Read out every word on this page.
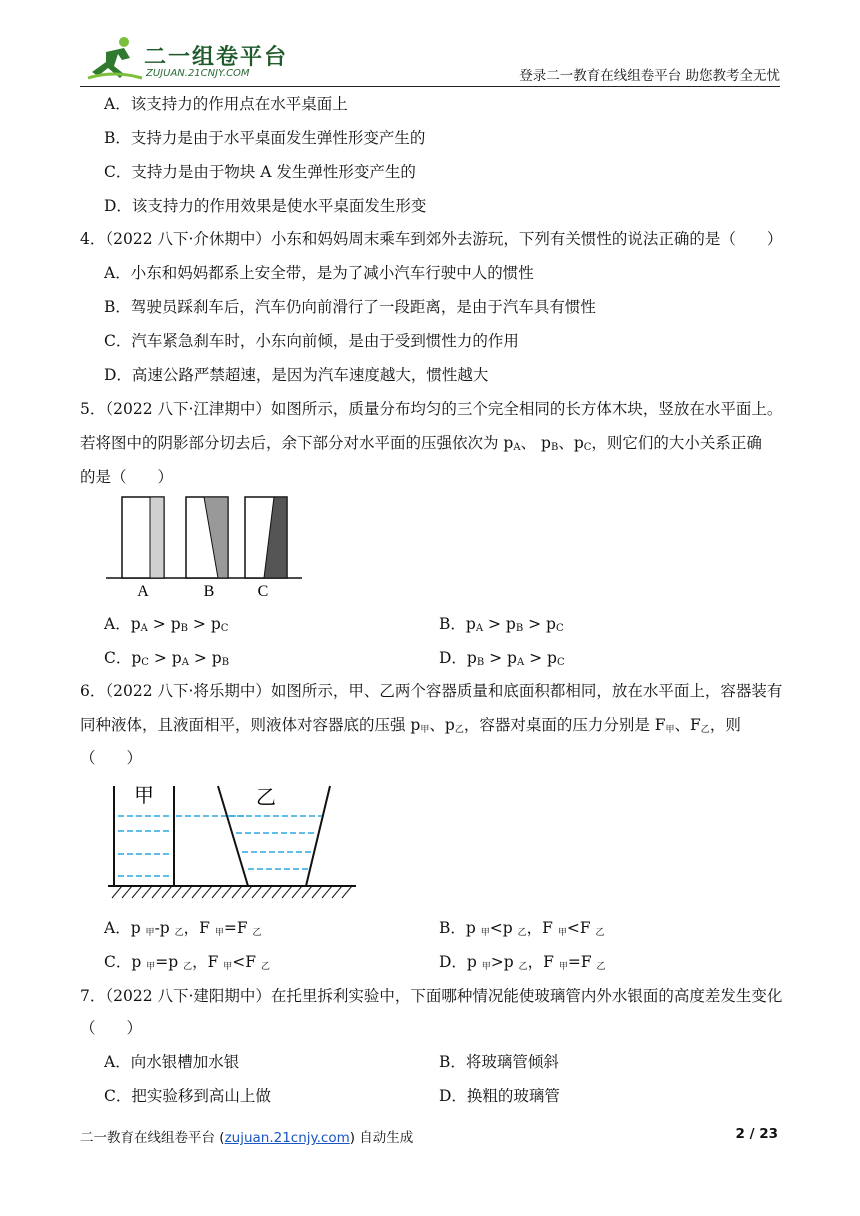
二一组卷平台
ZUJUAN.21CNJY.COM	登录二一教育在线组卷平台 助您教考全无忧
A．该支持力的作用点在水平桌面上
B．支持力是由于水平桌面发生弹性形变产生的
C．支持力是由于物块 A 发生弹性形变产生的
D．该支持力的作用效果是使水平桌面发生形变
4．（2022 八下·介休期中）小东和妈妈周末乘车到郊外去游玩，下列有关惯性的说法正确的是（　　）
A．小东和妈妈都系上安全带，是为了减小汽车行驶中人的惯性
B．驾驶员踩刹车后，汽车仍向前滑行了一段距离，是由于汽车具有惯性
C．汽车紧急刹车时，小东向前倾，是由于受到惯性力的作用
D．高速公路严禁超速，是因为汽车速度越大，惯性越大
5．（2022 八下·江津期中）如图所示，质量分布均匀的三个完全相同的长方体木块，竖放在水平面上。
若将图中的阴影部分切去后，余下部分对水平面的压强依次为 $p_A$、 $p_B$、$p_C$，则它们的大小关系正确
的是（　　）
A	B	C
A．$p_A > p_B > p_C$	B．$p_A > p_B > p_C$
C．$p_C > p_A > p_B$	D．$p_B > p_A > p_C$
6．（2022 八下·将乐期中）如图所示，甲、乙两个容器质量和底面积都相同，放在水平面上，容器装有
同种液体，且液面相平，则液体对容器底的压强 p甲、p乙，容器对桌面的压力分别是 F甲、F乙，则
（　　）
甲	乙
A．p 甲-p 乙，F 甲=F 乙	B．p 甲<p 乙，F 甲<F 乙
C．p 甲=p 乙，F 甲<F 乙	D．p 甲>p 乙，F 甲=F 乙
7．（2022 八下·建阳期中）在托里拆利实验中，下面哪种情况能使玻璃管内外水银面的高度差发生变化
（　　）
A．向水银槽加水银	B．将玻璃管倾斜
C．把实验移到高山上做	D．换粗的玻璃管
二一教育在线组卷平台 (zujuan.21cnjy.com) 自动生成	2 / 23
